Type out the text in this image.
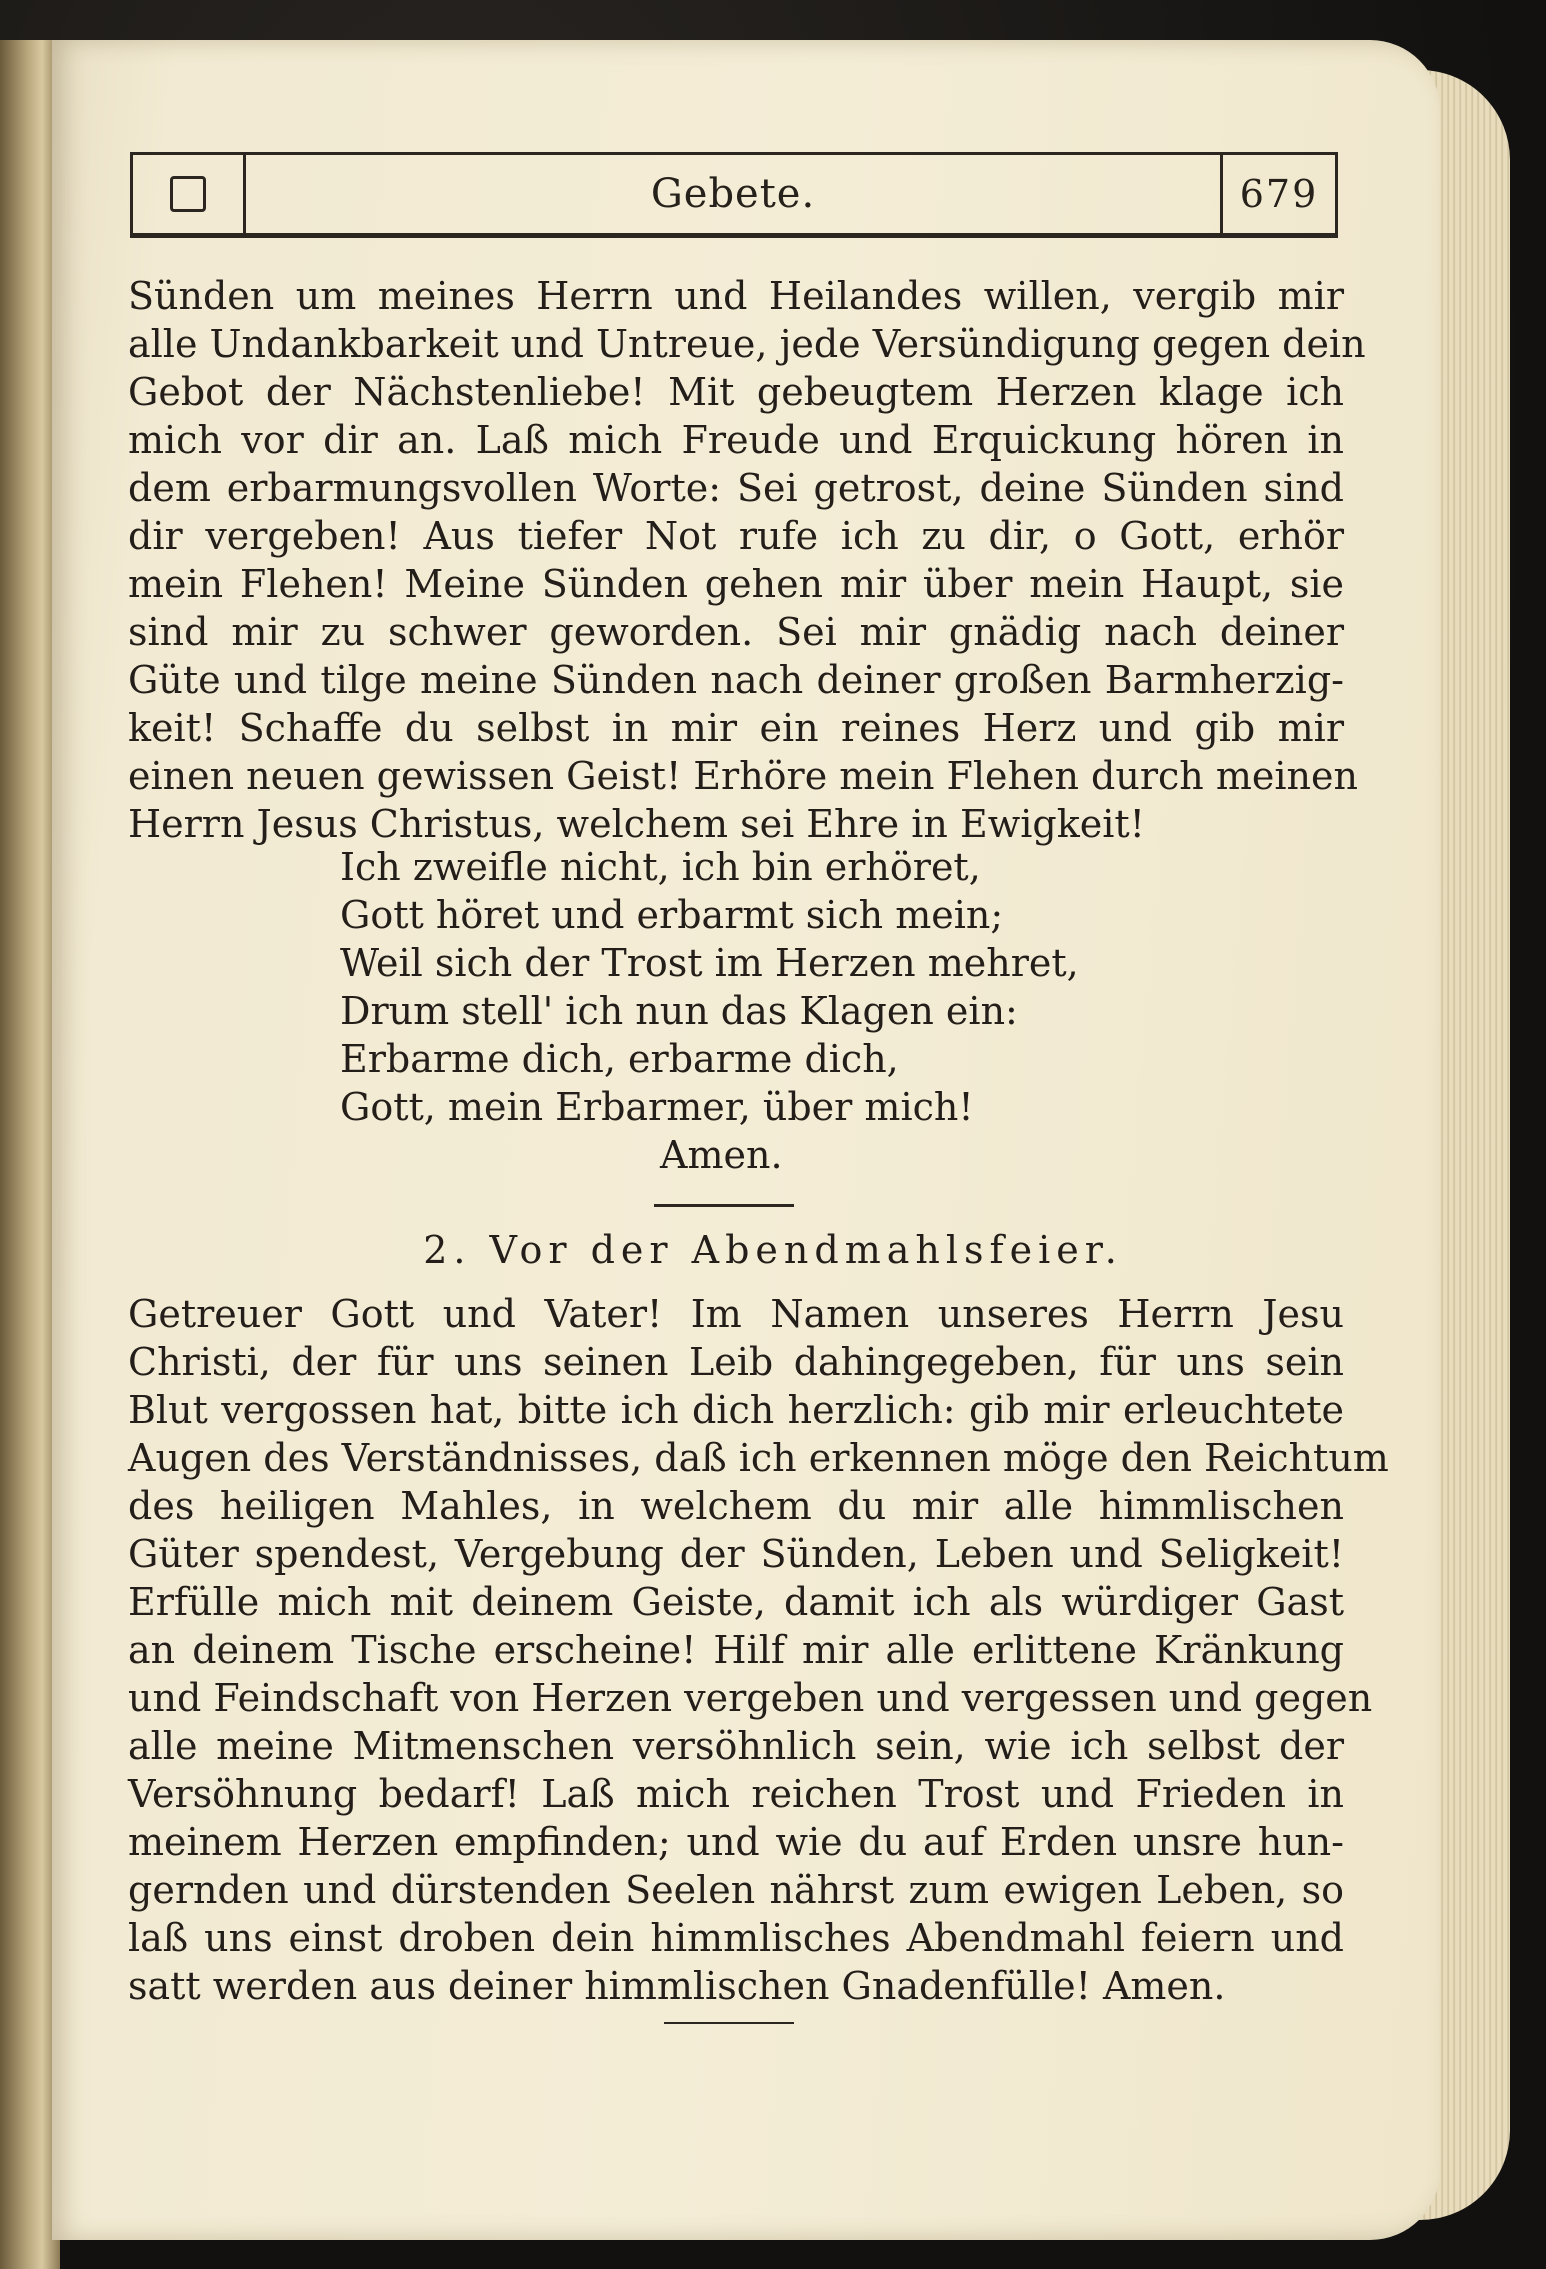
Gebete.	679
Sünden um meines Herrn und Heilandes willen, vergib mir
alle Undankbarkeit und Untreue, jede Versündigung gegen dein
Gebot der Nächstenliebe! Mit gebeugtem Herzen klage ich
mich vor dir an. Laß mich Freude und Erquickung hören in
dem erbarmungsvollen Worte: Sei getrost, deine Sünden sind
dir vergeben! Aus tiefer Not rufe ich zu dir, o Gott, erhör
mein Flehen! Meine Sünden gehen mir über mein Haupt, sie
sind mir zu schwer geworden. Sei mir gnädig nach deiner
Güte und tilge meine Sünden nach deiner großen Barmherzig-
keit! Schaffe du selbst in mir ein reines Herz und gib mir
einen neuen gewissen Geist! Erhöre mein Flehen durch meinen
Herrn Jesus Christus, welchem sei Ehre in Ewigkeit!
Ich zweifle nicht, ich bin erhöret,
Gott höret und erbarmt sich mein;
Weil sich der Trost im Herzen mehret,
Drum stell' ich nun das Klagen ein:
Erbarme dich, erbarme dich,
Gott, mein Erbarmer, über mich!
Amen.
2. Vor der Abendmahlsfeier.
Getreuer Gott und Vater! Im Namen unseres Herrn Jesu
Christi, der für uns seinen Leib dahingegeben, für uns sein
Blut vergossen hat, bitte ich dich herzlich: gib mir erleuchtete
Augen des Verständnisses, daß ich erkennen möge den Reichtum
des heiligen Mahles, in welchem du mir alle himmlischen
Güter spendest, Vergebung der Sünden, Leben und Seligkeit!
Erfülle mich mit deinem Geiste, damit ich als würdiger Gast
an deinem Tische erscheine! Hilf mir alle erlittene Kränkung
und Feindschaft von Herzen vergeben und vergessen und gegen
alle meine Mitmenschen versöhnlich sein, wie ich selbst der
Versöhnung bedarf! Laß mich reichen Trost und Frieden in
meinem Herzen empfinden; und wie du auf Erden unsre hun-
gernden und dürstenden Seelen nährst zum ewigen Leben, so
laß uns einst droben dein himmlisches Abendmahl feiern und
satt werden aus deiner himmlischen Gnadenfülle! Amen.
